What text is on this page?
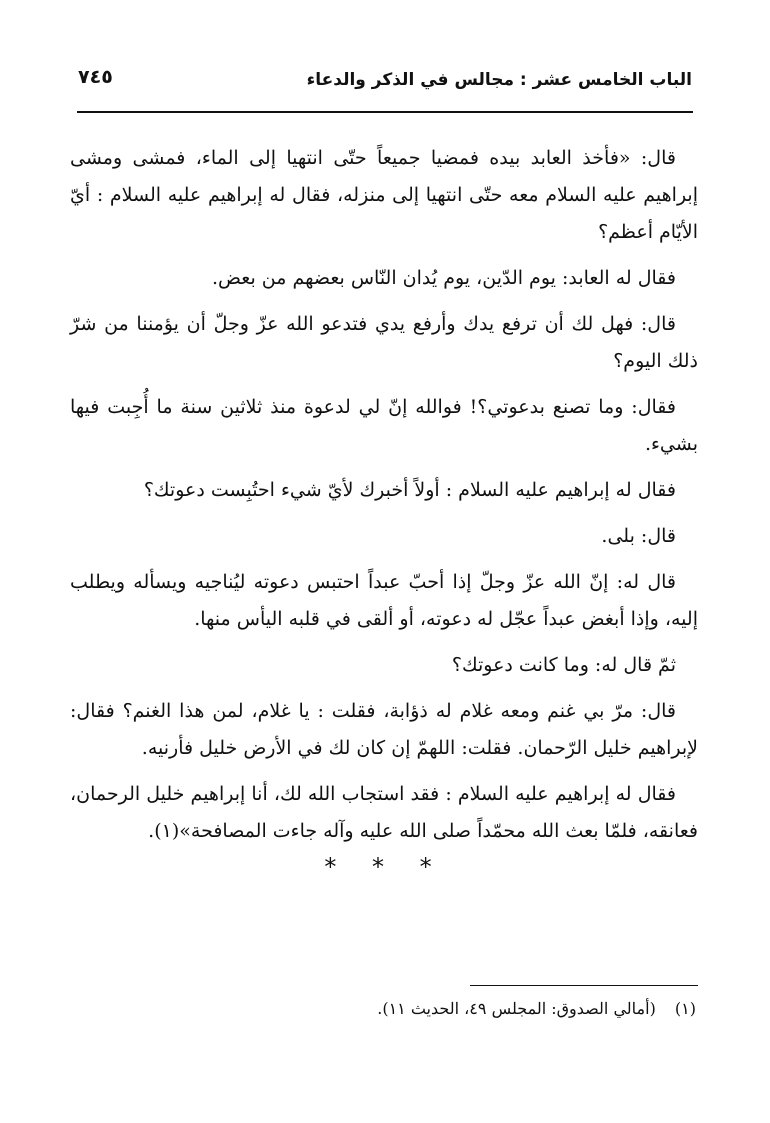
الباب الخامس عشر : مجالس في الذكر والدعاء
٧٤٥

قال: «فأخذ العابد بيده فمضيا جميعاً حتّى انتهيا إلى الماء، فمشى ومشى إبراهيم عليه السلام معه حتّى انتهيا إلى منزله، فقال له إبراهيم عليه السلام : أيّ الأيّام أعظم؟

فقال له العابد: يوم الدّين، يوم يُدان النّاس بعضهم من بعض.

قال: فهل لك أن ترفع يدك وأرفع يدي فتدعو الله عزّ وجلّ أن يؤمننا من شرّ ذلك اليوم؟

فقال: وما تصنع بدعوتي؟! فوالله إنّ لي لدعوة منذ ثلاثين سنة ما أُجِبت فيها بشيء.

فقال له إبراهيم عليه السلام : أولاً أخبرك لأيّ شيء احتُبِست دعوتك؟

قال: بلى.

قال له: إنّ الله عزّ وجلّ إذا أحبّ عبداً احتبس دعوته ليُناجيه ويسأله ويطلب إليه، وإذا أبغض عبداً عجّل له دعوته، أو ألقى في قلبه اليأس منها.

ثمّ قال له: وما كانت دعوتك؟

قال: مرّ بي غنم ومعه غلام له ذؤابة، فقلت : يا غلام، لمن هذا الغنم؟ فقال: لإبراهيم خليل الرّحمان. فقلت: اللهمّ إن كان لك في الأرض خليل فأرنيه.

فقال له إبراهيم عليه السلام : فقد استجاب الله لك، أنا إبراهيم خليل الرحمان، فعانقه، فلمّا بعث الله محمّداً صلى الله عليه وآله جاءت المصافحة»(١).

* * *
(١) (أمالي الصدوق: المجلس ٤٩، الحديث ١١).
